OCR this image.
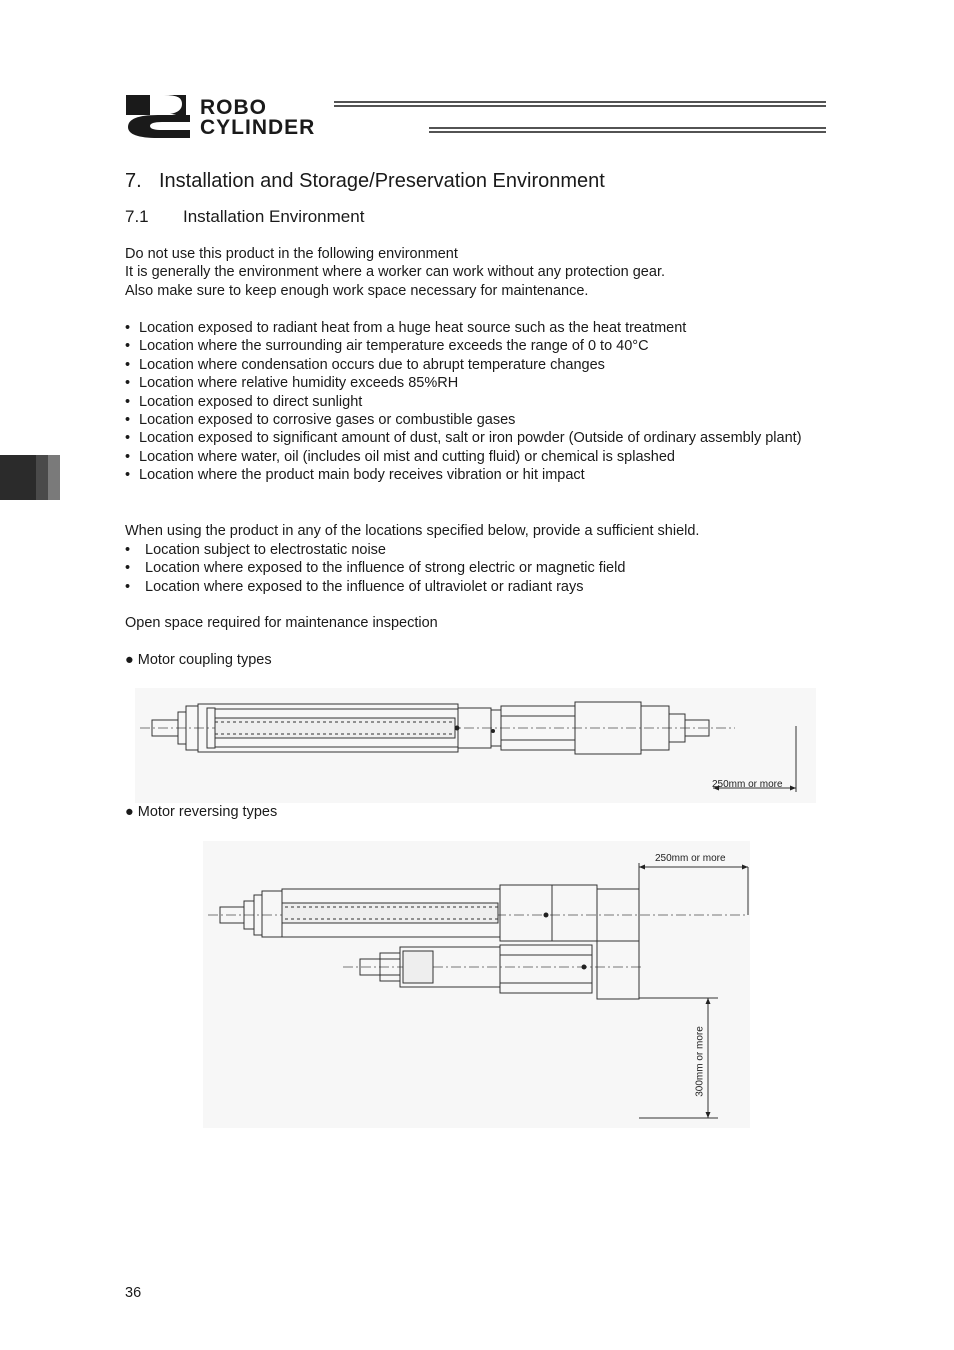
ROBO
CYLINDER
7. Installation and Storage/Preservation Environment
7.1 Installation Environment
Do not use this product in the following environment
It is generally the environment where a worker can work without any protection gear.
Also make sure to keep enough work space necessary for maintenance.
• Location exposed to radiant heat from a huge heat source such as the heat treatment
• Location where the surrounding air temperature exceeds the range of 0 to 40°C
• Location where condensation occurs due to abrupt temperature changes
• Location where relative humidity exceeds 85%RH
• Location exposed to direct sunlight
• Location exposed to corrosive gases or combustible gases
• Location exposed to significant amount of dust, salt or iron powder (Outside of ordinary assembly plant)
• Location where water, oil (includes oil mist and cutting fluid) or chemical is splashed
• Location where the product main body receives vibration or hit impact
When using the product in any of the locations specified below, provide a sufficient shield.
• Location subject to electrostatic noise
• Location where exposed to the influence of strong electric or magnetic field
• Location where exposed to the influence of ultraviolet or radiant rays
Open space required for maintenance inspection
● Motor coupling types
250mm or more
● Motor reversing types
250mm or more
300mm or more
36
